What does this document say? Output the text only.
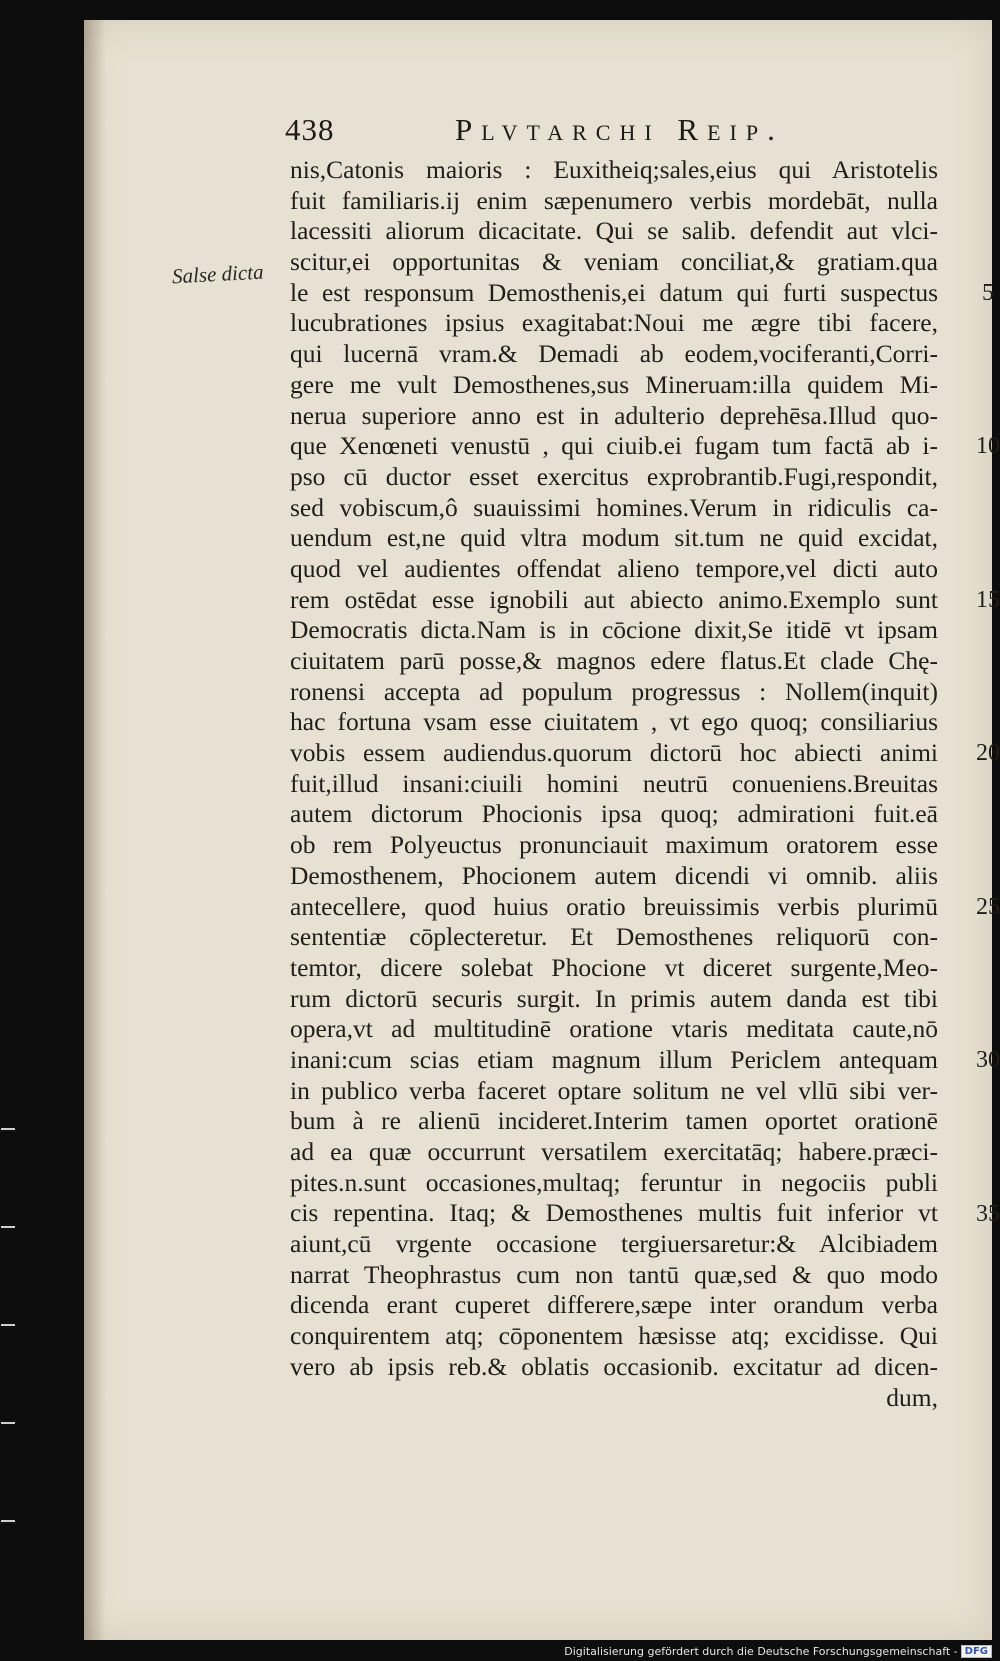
438	Plvtarchi Reip.
Salse dicta
nis,Catonis maioris : Euxitheiq;sales,eius qui Aristotelis
fuit familiaris.ij enim sæpenumero verbis mordebāt, nulla
lacessiti aliorum dicacitate. Qui se salib. defendit aut vlci-
scitur,ei opportunitas & veniam conciliat,& gratiam.qua
le est responsum Demosthenis,ei datum qui furti suspectus
lucubrationes ipsius exagitabat:Noui me ægre tibi facere,
qui lucernā vram.& Demadi ab eodem,vociferanti,Corri-
gere me vult Demosthenes,sus Mineruam:illa quidem Mi-
nerua superiore anno est in adulterio deprehēsa.Illud quo-
que Xenœneti venustū , qui ciuib.ei fugam tum factā ab i-
pso cū ductor esset exercitus exprobrantib.Fugi,respondit,
sed vobiscum,ô suauissimi homines.Verum in ridiculis ca-
uendum est,ne quid vltra modum sit.tum ne quid excidat,
quod vel audientes offendat alieno tempore,vel dicti auto
rem ostēdat esse ignobili aut abiecto animo.Exemplo sunt
Democratis dicta.Nam is in cōcione dixit,Se itidē vt ipsam
ciuitatem parū posse,& magnos edere flatus.Et clade Chę-
ronensi accepta ad populum progressus : Nollem(inquit)
hac fortuna vsam esse ciuitatem , vt ego quoq; consiliarius
vobis essem audiendus.quorum dictorū hoc abiecti animi
fuit,illud insani:ciuili homini neutrū conueniens.Breuitas
autem dictorum Phocionis ipsa quoq; admirationi fuit.eā
ob rem Polyeuctus pronunciauit maximum oratorem esse
Demosthenem, Phocionem autem dicendi vi omnib. aliis
antecellere, quod huius oratio breuissimis verbis plurimū
sententiæ cōplecteretur. Et Demosthenes reliquorū con-
temtor, dicere solebat Phocione vt diceret surgente,Meo-
rum dictorū securis surgit. In primis autem danda est tibi
opera,vt ad multitudinē oratione vtaris meditata caute,nō
inani:cum scias etiam magnum illum Periclem antequam
in publico verba faceret optare solitum ne vel vllū sibi ver-
bum à re alienū incideret.Interim tamen oportet orationē
ad ea quæ occurrunt versatilem exercitatāq; habere.præci-
pites.n.sunt occasiones,multaq; feruntur in negociis publi
cis repentina. Itaq; & Demosthenes multis fuit inferior vt
aiunt,cū vrgente occasione tergiuersaretur:& Alcibiadem
narrat Theophrastus cum non tantū quæ,sed & quo modo
dicenda erant cuperet differere,sæpe inter orandum verba
conquirentem atq; cōponentem hæsisse atq; excidisse. Qui
vero ab ipsis reb.& oblatis occasionib. excitatur ad dicen-
dum,
5
10
15
20
25
30
35
Digitalisierung gefördert durch die Deutsche Forschungsgemeinschaft - DFG
